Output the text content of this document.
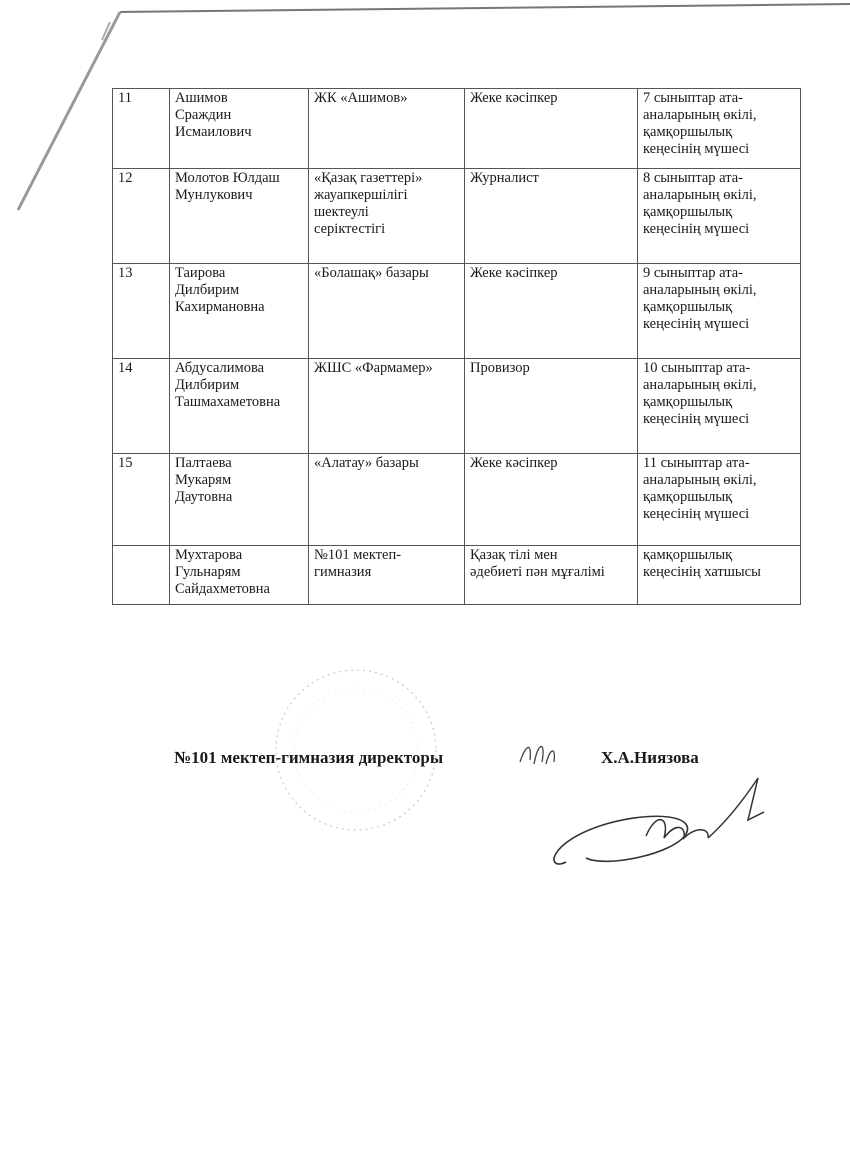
11	Ашимов
Сраждин
Исмаилович	ЖК «Ашимов»	Жеке кәсіпкер	7 сыныптар ата-
аналарының өкілі,
қамқоршылық
кеңесінің мүшесі
12	Молотов Юлдаш
Мунлукович	«Қазақ газеттері»
жауапкершілігі
шектеулі
серіктестігі	Журналист	8 сыныптар ата-
аналарының өкілі,
қамқоршылық
кеңесінің мүшесі
13	Таирова
Дилбирим
Кахирмановна	«Болашақ» базары	Жеке кәсіпкер	9 сыныптар ата-
аналарының өкілі,
қамқоршылық
кеңесінің мүшесі
14	Абдусалимова
Дилбирим
Ташмахаметовна	ЖШС «Фармамер»	Провизор	10 сыныптар ата-
аналарының өкілі,
қамқоршылық
кеңесінің мүшесі
15	Палтаева
Мукарям
Даутовна	«Алатау» базары	Жеке кәсіпкер	11 сыныптар ата-
аналарының өкілі,
қамқоршылық
кеңесінің мүшесі
	Мухтарова
Гульнарям
Сайдахметовна	№101 мектеп-
гимназия	Қазақ тілі мен
әдебиеті пән мұғалімі	қамқоршылық
кеңесінің хатшысы
№101 мектеп-гимназия директоры	Х.А.Ниязова
